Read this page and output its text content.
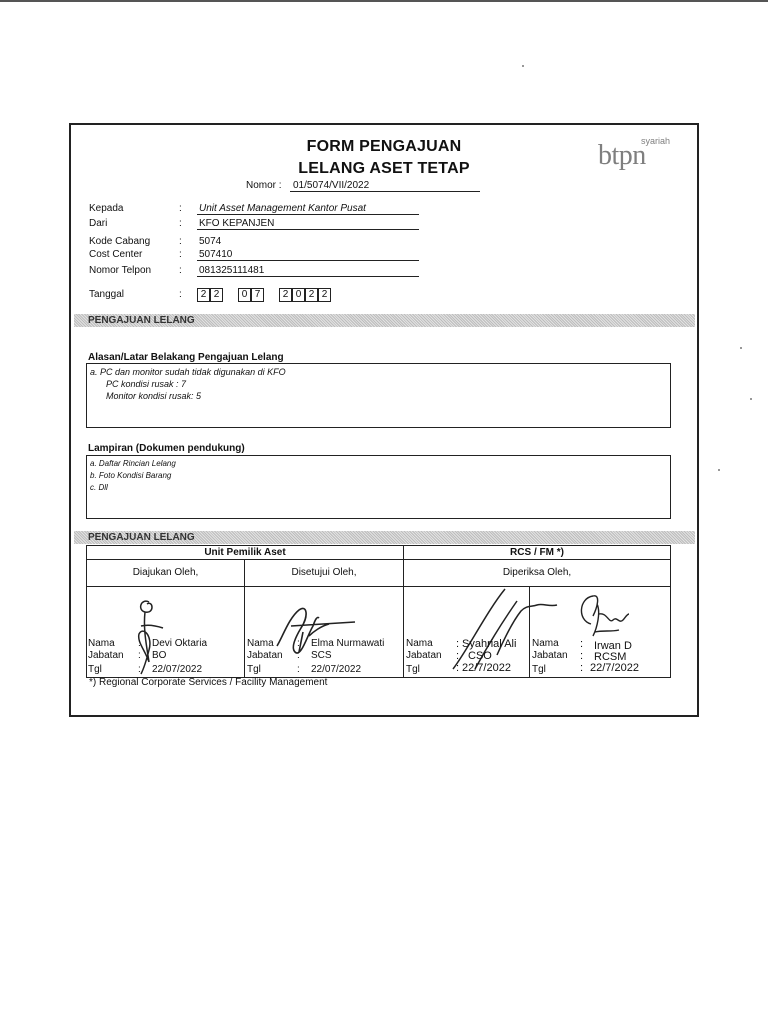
FORM PENGAJUAN
LELANG ASET TETAP
Nomor : 01/5074/VII/2022
syariah
btpn
Kepada	: Unit Asset Management Kantor Pusat
Dari	: KFO KEPANJEN
Kode Cabang	: 5074
Cost Center	: 507410
Nomor Telpon	: 081325111481
Tanggal	:	2 2	0 7	2 0 2 2
PENGAJUAN LELANG
Alasan/Latar Belakang Pengajuan Lelang
a. PC dan monitor sudah tidak digunakan di KFO
PC kondisi rusak : 7
Monitor kondisi rusak: 5
Lampiran (Dokumen pendukung)
a. Daftar Rincian Lelang
b. Foto Kondisi Barang
c. Dll
PENGAJUAN LELANG
Unit Pemilik Aset	RCS / FM *)
Diajukan Oleh,	Disetujui Oleh,	Diperiksa Oleh,
Nama : Devi Oktaria
Jabatan : BO
Tgl	: 22/07/2022
Nama : Elma Nurmawati
Jabatan : SCS
Tgl	: 22/07/2022
Nama : Syahrial Ali
Jabatan : CSO
Tgl	: 22/7/2022
Nama : Irwan D
Jabatan : RCSM
Tgl	: 22/7/2022
*) Regional Corporate Services / Facility Management
